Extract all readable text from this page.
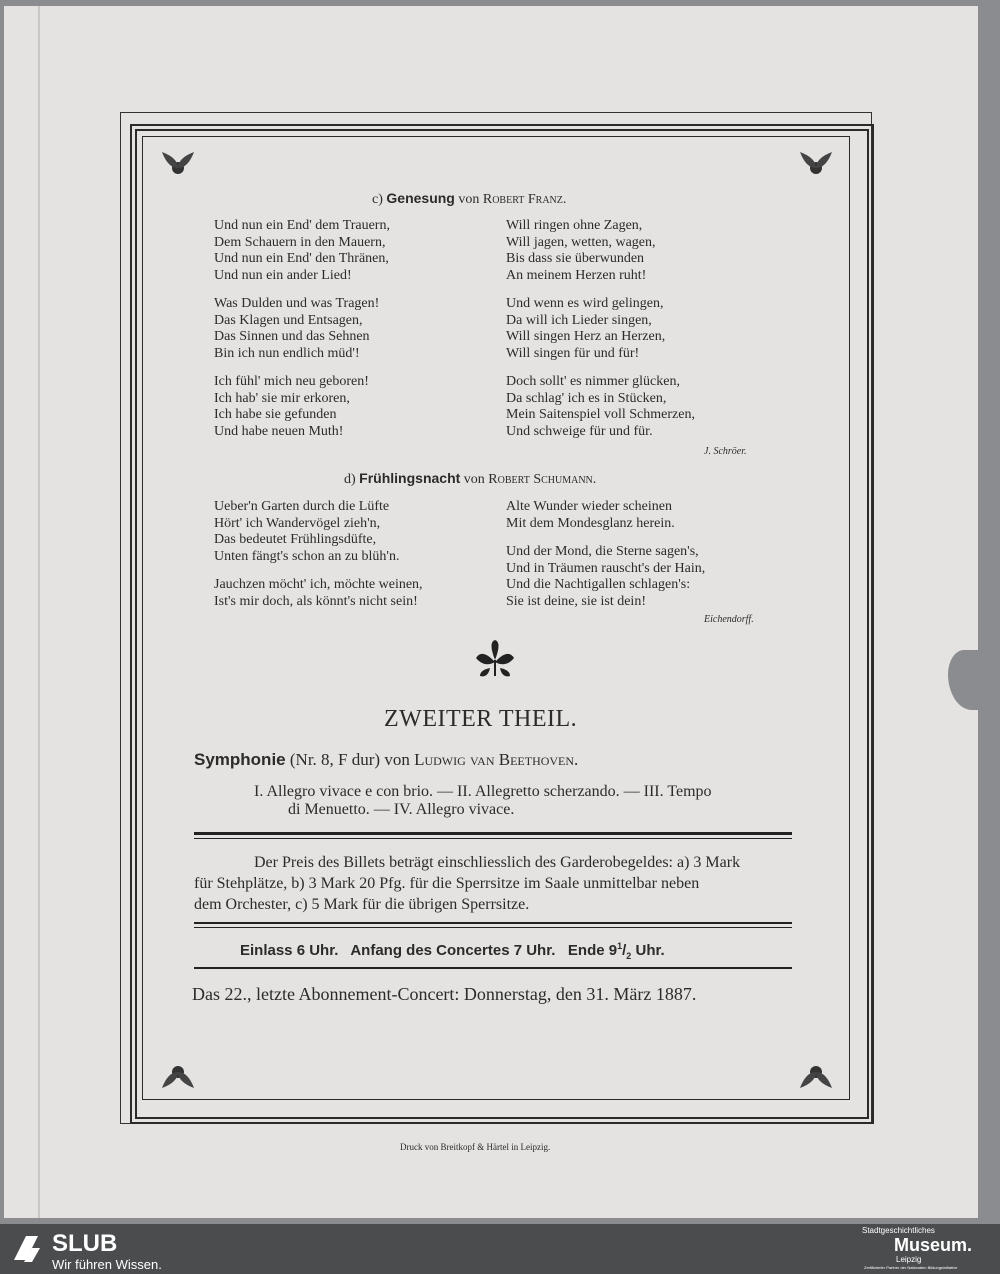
c) Genesung von Robert Franz.
Und nun ein End' dem Trauern,
Dem Schauern in den Mauern,
Und nun ein End' den Thränen,
Und nun ein ander Lied!
Was Dulden und was Tragen!
Das Klagen und Entsagen,
Das Sinnen und das Sehnen
Bin ich nun endlich müd'!
Ich fühl' mich neu geboren!
Ich hab' sie mir erkoren,
Ich habe sie gefunden
Und habe neuen Muth!
Will ringen ohne Zagen,
Will jagen, wetten, wagen,
Bis dass sie überwunden
An meinem Herzen ruht!
Und wenn es wird gelingen,
Da will ich Lieder singen,
Will singen Herz an Herzen,
Will singen für und für!
Doch sollt' es nimmer glücken,
Da schlag' ich es in Stücken,
Mein Saitenspiel voll Schmerzen,
Und schweige für und für.
J. Schröer.
d) Frühlingsnacht von Robert Schumann.
Ueber'n Garten durch die Lüfte
Hört' ich Wandervögel zieh'n,
Das bedeutet Frühlingsdüfte,
Unten fängt's schon an zu blüh'n.
Jauchzen möcht' ich, möchte weinen,
Ist's mir doch, als könnt's nicht sein!
Alte Wunder wieder scheinen
Mit dem Mondesglanz herein.
Und der Mond, die Sterne sagen's,
Und in Träumen rauscht's der Hain,
Und die Nachtigallen schlagen's:
Sie ist deine, sie ist dein!
Eichendorff.
ZWEITER THEIL.
Symphonie (Nr. 8, F dur) von Ludwig van Beethoven.
I. Allegro vivace e con brio. — II. Allegretto scherzando. — III. Tempo
di Menuetto. — IV. Allegro vivace.
Der Preis des Billets beträgt einschliesslich des Garderobegeldes: a) 3 Mark
für Stehplätze, b) 3 Mark 20 Pfg. für die Sperrsitze im Saale unmittelbar neben
dem Orchester, c) 5 Mark für die übrigen Sperrsitze.
Einlass 6 Uhr. Anfang des Concertes 7 Uhr. Ende $9^1/_2$ Uhr.
Das 22., letzte Abonnement-Concert: Donnerstag, den 31. März 1887.
Druck von Breitkopf & Härtel in Leipzig.
SLUB
Wir führen Wissen.
Stadtgeschichtliches
Museum.
Leipzig
Zertifizierter Partner der Nationalen Bildungsinitiative
